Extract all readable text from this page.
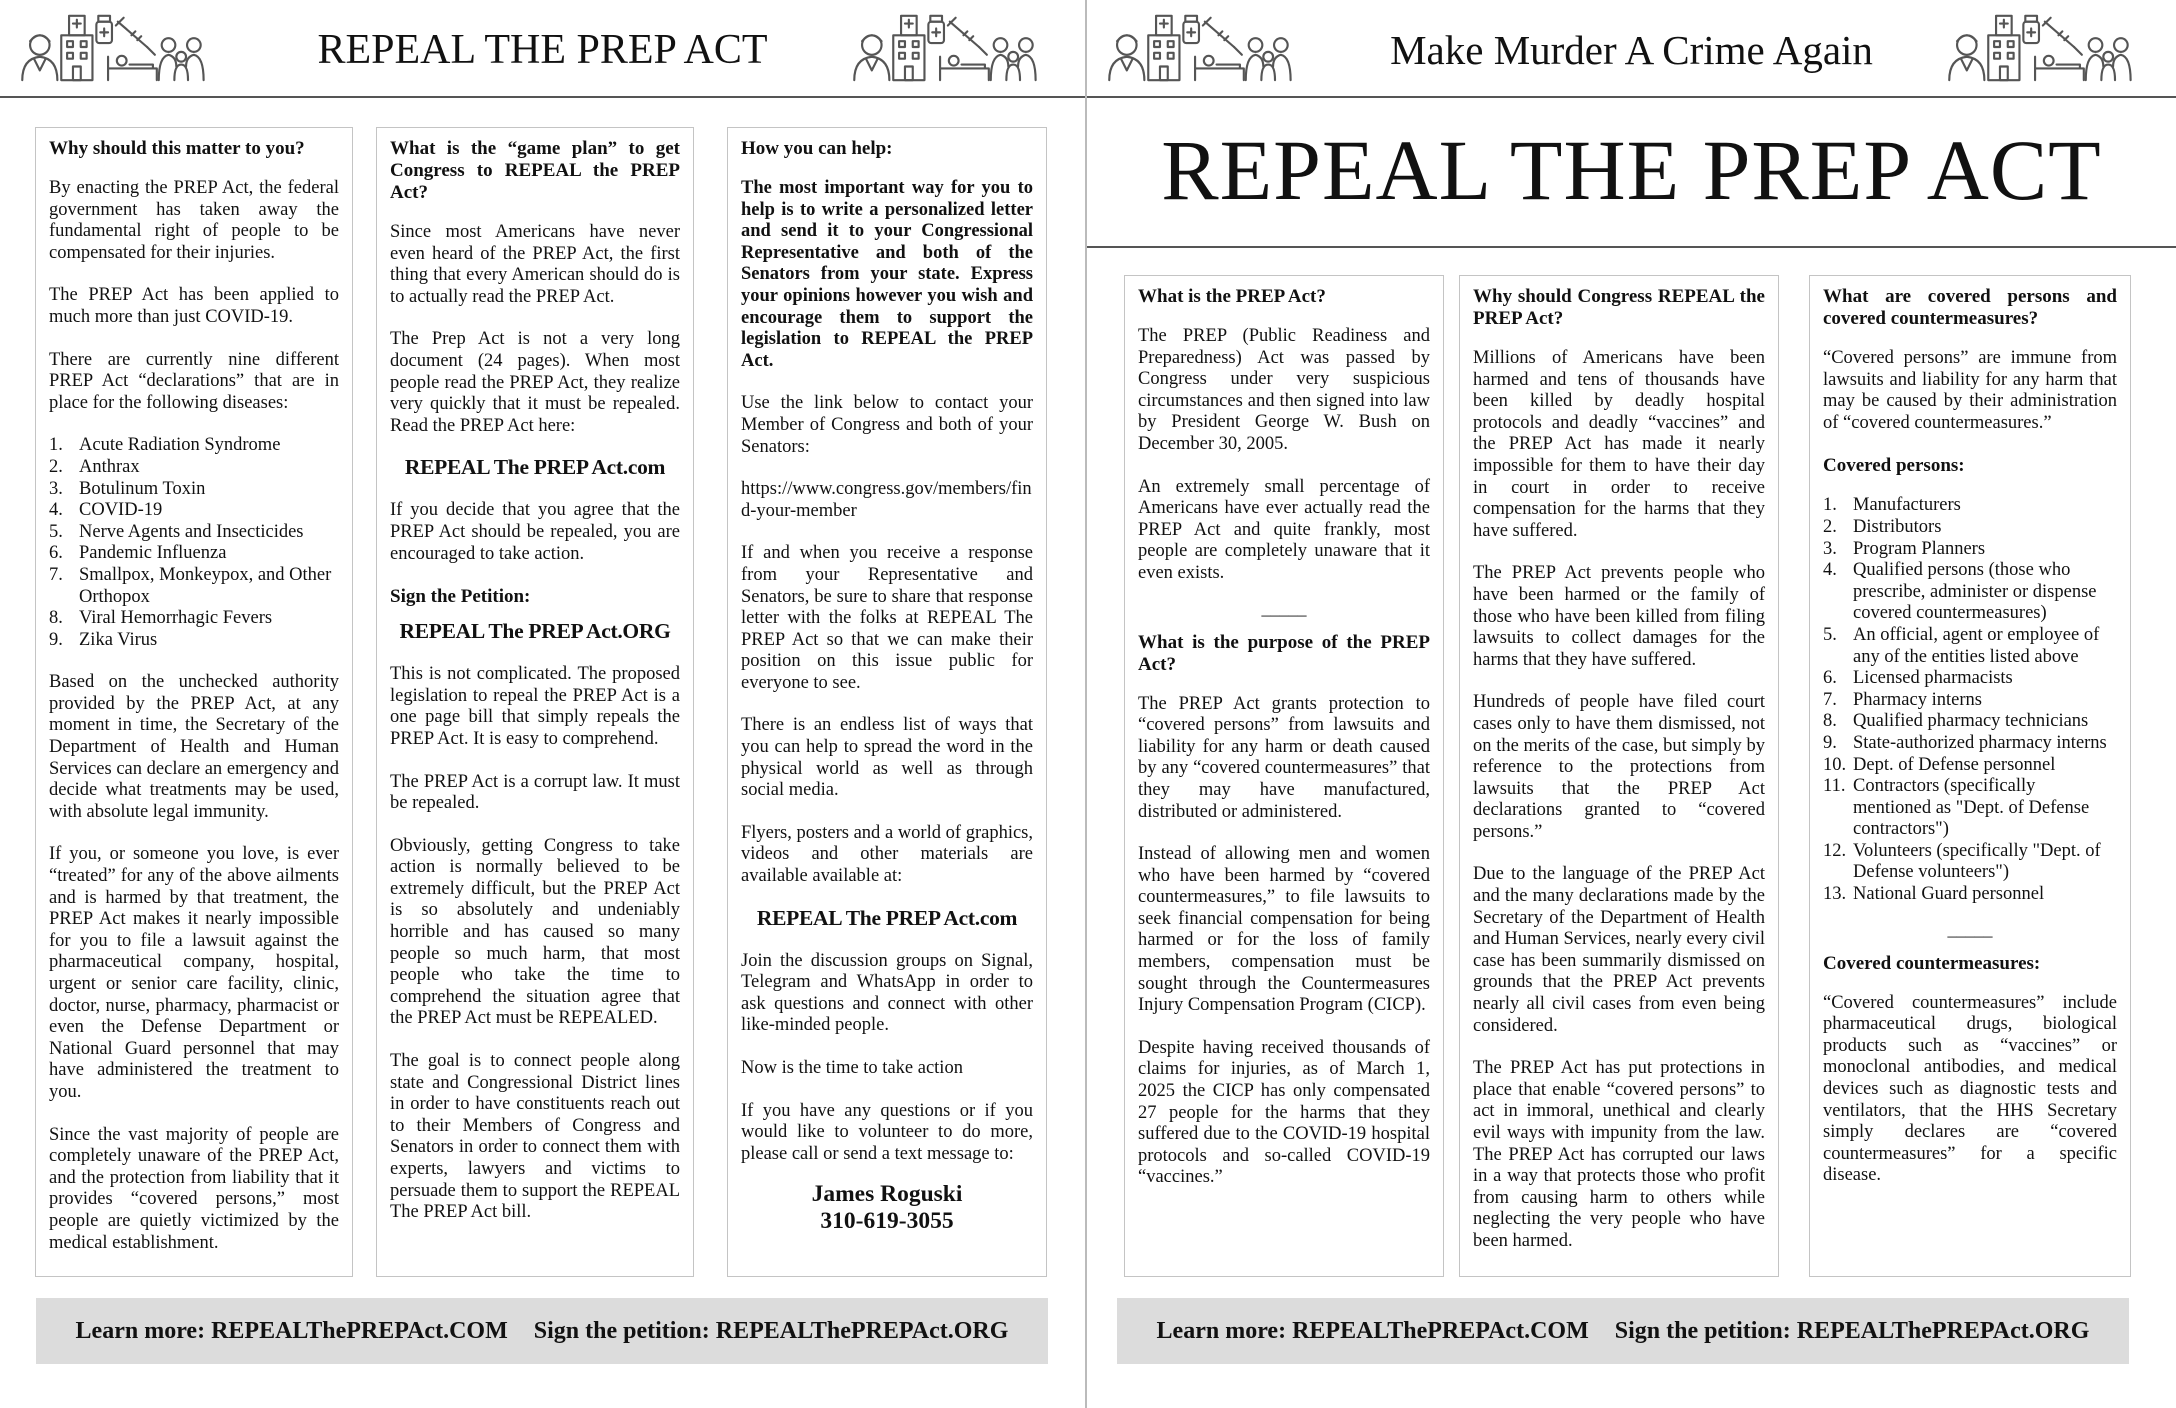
REPEAL THE PREP ACT
Why should this matter to you?

By enacting the PREP Act, the federal government has taken away the fundamental right of people to be compensated for their injuries.

The PREP Act has been applied to much more than just COVID-19.

There are currently nine different PREP Act “declarations” that are in place for the following diseases:

1. Acute Radiation Syndrome
2. Anthrax
3. Botulinum Toxin
4. COVID-19
5. Nerve Agents and Insecticides
6. Pandemic Influenza
7. Smallpox, Monkeypox, and Other Orthopox
8. Viral Hemorrhagic Fevers
9. Zika Virus

Based on the unchecked authority provided by the PREP Act, at any moment in time, the Secretary of the Department of Health and Human Services can declare an emergency and decide what treatments may be used, with absolute legal immunity.

If you, or someone you love, is ever “treated” for any of the above ailments and is harmed by that treatment, the PREP Act makes it nearly impossible for you to file a lawsuit against the pharmaceutical company, hospital, urgent or senior care facility, clinic, doctor, nurse, pharmacy, pharmacist or even the Defense Department or National Guard personnel that may have administered the treatment to you.

Since the vast majority of people are completely unaware of the PREP Act, and the protection from liability that it provides “covered persons,” most people are quietly victimized by the medical establishment.

What is the “game plan” to get Congress to REPEAL the PREP Act?

Since most Americans have never even heard of the PREP Act, the first thing that every American should do is to actually read the PREP Act.

The Prep Act is not a very long document (24 pages). When most people read the PREP Act, they realize very quickly that it must be repealed. Read the PREP Act here:

REPEAL The PREP Act.com

If you decide that you agree that the PREP Act should be repealed, you are encouraged to take action.

Sign the Petition:
REPEAL The PREP Act.ORG

This is not complicated. The proposed legislation to repeal the PREP Act is a one page bill that simply repeals the PREP Act. It is easy to comprehend.

The PREP Act is a corrupt law. It must be repealed.

Obviously, getting Congress to take action is normally believed to be extremely difficult, but the PREP Act is so absolutely and undeniably horrible and has caused so many people so much harm, that most people who take the time to comprehend the situation agree that the PREP Act must be REPEALED.

The goal is to connect people along state and Congressional District lines in order to have constituents reach out to their Members of Congress and Senators in order to connect them with experts, lawyers and victims to persuade them to support the REPEAL The PREP Act bill.

How you can help:

The most important way for you to help is to write a personalized letter and send it to your Congressional Representative and both of the Senators from your state. Express your opinions however you wish and encourage them to support the legislation to REPEAL the PREP Act.

Use the link below to contact your Member of Congress and both of your Senators:

https://www.congress.gov/members/find-your-member

If and when you receive a response from your Representative and Senators, be sure to share that response letter with the folks at REPEAL The PREP Act so that we can make their position on this issue public for everyone to see.

There is an endless list of ways that you can help to spread the word in the physical world as well as through social media.

Flyers, posters and a world of graphics, videos and other materials are available available at:

REPEAL The PREP Act.com

Join the discussion groups on Signal, Telegram and WhatsApp in order to ask questions and connect with other like-minded people.

Now is the time to take action

If you have any questions or if you would like to volunteer to do more, please call or send a text message to:

James Roguski
310-619-3055
Learn more: REPEALThePREPAct.COM Sign the petition: REPEALThePREPAct.ORG
Make Murder A Crime Again
REPEAL THE PREP ACT
What is the PREP Act?

The PREP (Public Readiness and Preparedness) Act was passed by Congress under very suspicious circumstances and then signed into law by President George W. Bush on December 30, 2005.

An extremely small percentage of Americans have ever actually read the PREP Act and quite frankly, most people are completely unaware that it even exists.

_____
What is the purpose of the PREP Act?

The PREP Act grants protection to “covered persons” from lawsuits and liability for any harm or death caused by any “covered countermeasures” that they may have manufactured, distributed or administered.

Instead of allowing men and women who have been harmed by “covered countermeasures,” to file lawsuits to seek financial compensation for being harmed or for the loss of family members, compensation must be sought through the Countermeasures Injury Compensation Program (CICP).

Despite having received thousands of claims for injuries, as of March 1, 2025 the CICP has only compensated 27 people for the harms that they suffered due to the COVID-19 hospital protocols and so-called COVID-19 “vaccines.”

Why should Congress REPEAL the PREP Act?

Millions of Americans have been harmed and tens of thousands have been killed by deadly hospital protocols and deadly “vaccines” and the PREP Act has made it nearly impossible for them to have their day in court in order to receive compensation for the harms that they have suffered.

The PREP Act prevents people who have been harmed or the family of those who have been killed from filing lawsuits to collect damages for the harms that they have suffered.

Hundreds of people have filed court cases only to have them dismissed, not on the merits of the case, but simply by reference to the protections from lawsuits that the PREP Act declarations granted to “covered persons.”

Due to the language of the PREP Act and the many declarations made by the Secretary of the Department of Health and Human Services, nearly every civil case has been summarily dismissed on grounds that the PREP Act prevents nearly all civil cases from even being considered.

The PREP Act has put protections in place that enable “covered persons” to act in immoral, unethical and clearly evil ways with impunity from the law. The PREP Act has corrupted our laws in a way that protects those who profit from causing harm to others while neglecting the very people who have been harmed.

What are covered persons and covered countermeasures?

“Covered persons” are immune from lawsuits and liability for any harm that may be caused by their administration of “covered countermeasures.”

Covered persons:
1. Manufacturers
2. Distributors
3. Program Planners
4. Qualified persons (those who prescribe, administer or dispense covered countermeasures)
5. An official, agent or employee of any of the entities listed above
6. Licensed pharmacists
7. Pharmacy interns
8. Qualified pharmacy technicians
9. State-authorized pharmacy interns
10. Dept. of Defense personnel
11. Contractors (specifically mentioned as "Dept. of Defense contractors")
12. Volunteers (specifically "Dept. of Defense volunteers")
13. National Guard personnel
_____
Covered countermeasures:

“Covered countermeasures” include pharmaceutical drugs, biological products such as “vaccines” or monoclonal antibodies, and medical devices such as diagnostic tests and ventilators, that the HHS Secretary simply declares are “covered countermeasures” for a specific disease.

Learn more: REPEALThePREPAct.COM Sign the petition: REPEALThePREPAct.ORG
